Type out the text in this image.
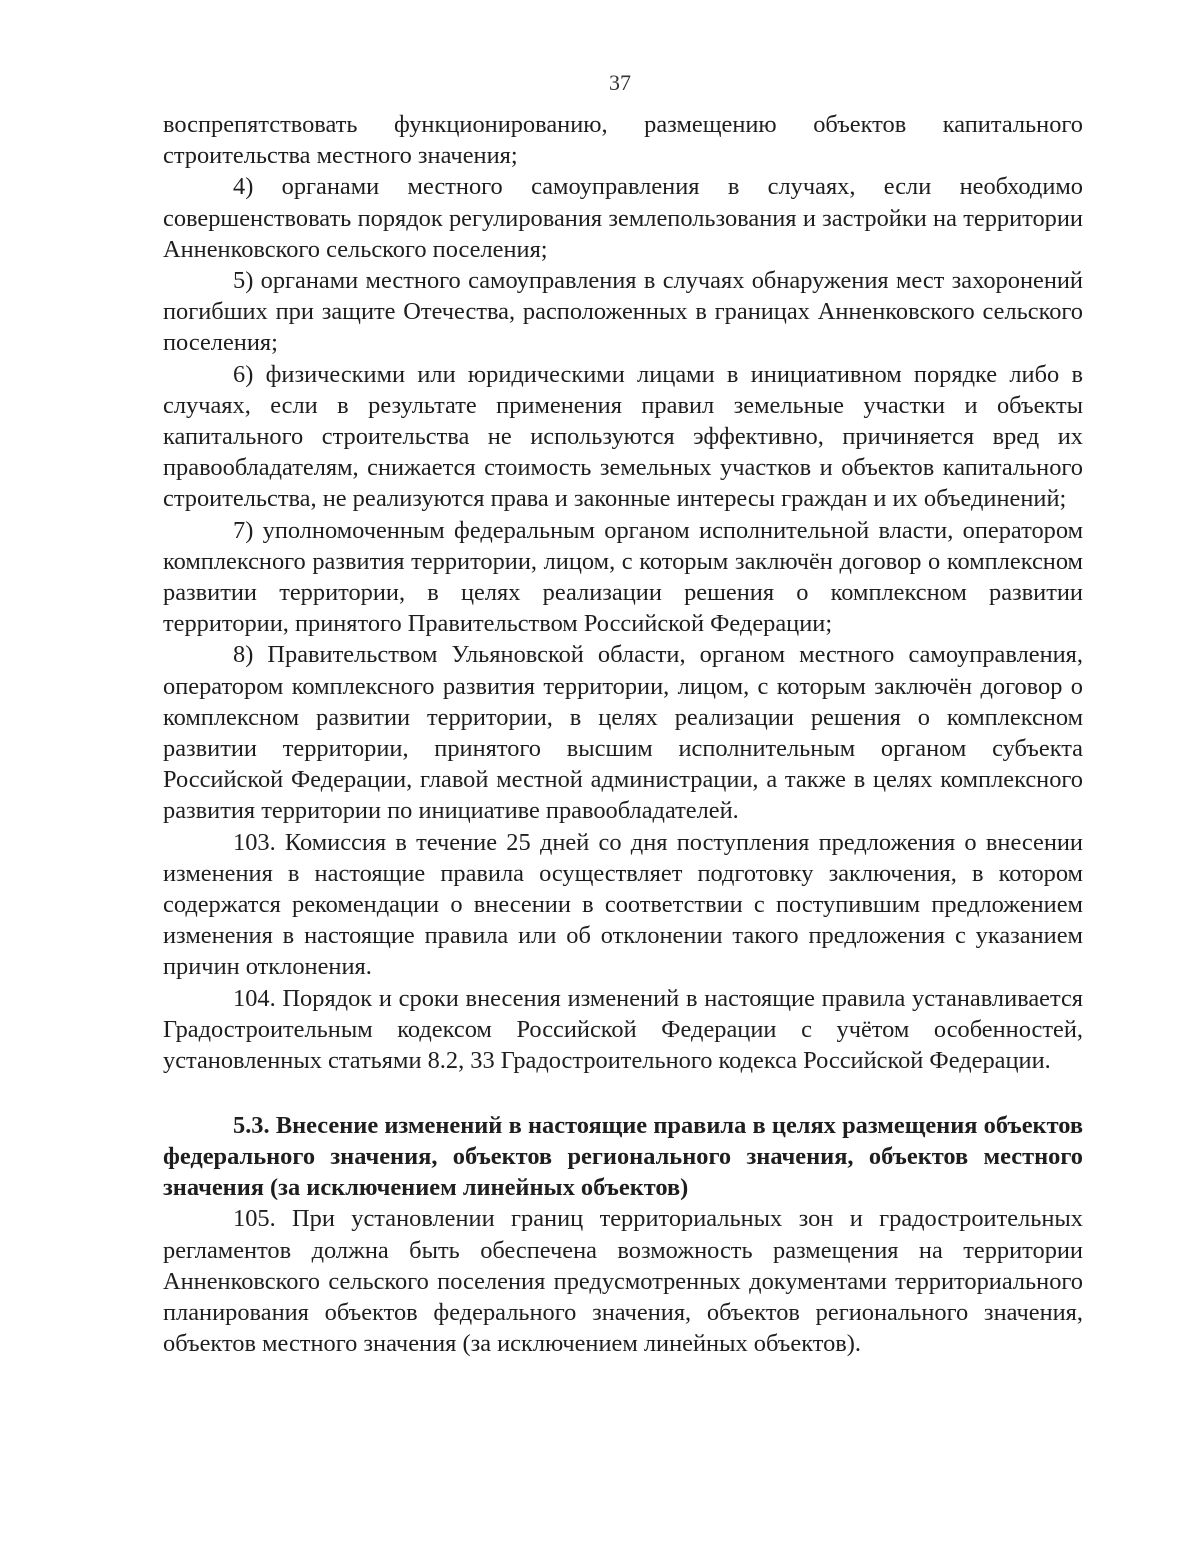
37

воспрепятствовать функционированию, размещению объектов капитального строительства местного значения;

4) органами местного самоуправления в случаях, если необходимо совершенствовать порядок регулирования землепользования и застройки на территории Анненковского сельского поселения;

5) органами местного самоуправления в случаях обнаружения мест захоронений погибших при защите Отечества, расположенных в границах Анненковского сельского поселения;

6) физическими или юридическими лицами в инициативном порядке либо в случаях, если в результате применения правил земельные участки и объекты капитального строительства не используются эффективно, причиняется вред их правообладателям, снижается стоимость земельных участков и объектов капитального строительства, не реализуются права и законные интересы граждан и их объединений;

7) уполномоченным федеральным органом исполнительной власти, оператором комплексного развития территории, лицом, с которым заключён договор о комплексном развитии территории, в целях реализации решения о комплексном развитии территории, принятого Правительством Российской Федерации;

8) Правительством Ульяновской области, органом местного самоуправления, оператором комплексного развития территории, лицом, с которым заключён договор о комплексном развитии территории, в целях реализации решения о комплексном развитии территории, принятого высшим исполнительным органом субъекта Российской Федерации, главой местной администрации, а также в целях комплексного развития территории по инициативе правообладателей.

103. Комиссия в течение 25 дней со дня поступления предложения о внесении изменения в настоящие правила осуществляет подготовку заключения, в котором содержатся рекомендации о внесении в соответствии с поступившим предложением изменения в настоящие правила или об отклонении такого предложения с указанием причин отклонения.

104. Порядок и сроки внесения изменений в настоящие правила устанавливается Градостроительным кодексом Российской Федерации с учётом особенностей, установленных статьями 8.2, 33 Градостроительного кодекса Российской Федерации.

5.3. Внесение изменений в настоящие правила в целях размещения объектов федерального значения, объектов регионального значения, объектов местного значения (за исключением линейных объектов)

105. При установлении границ территориальных зон и градостроительных регламентов должна быть обеспечена возможность размещения на территории Анненковского сельского поселения предусмотренных документами территориального планирования объектов федерального значения, объектов регионального значения, объектов местного значения (за исключением линейных объектов).
